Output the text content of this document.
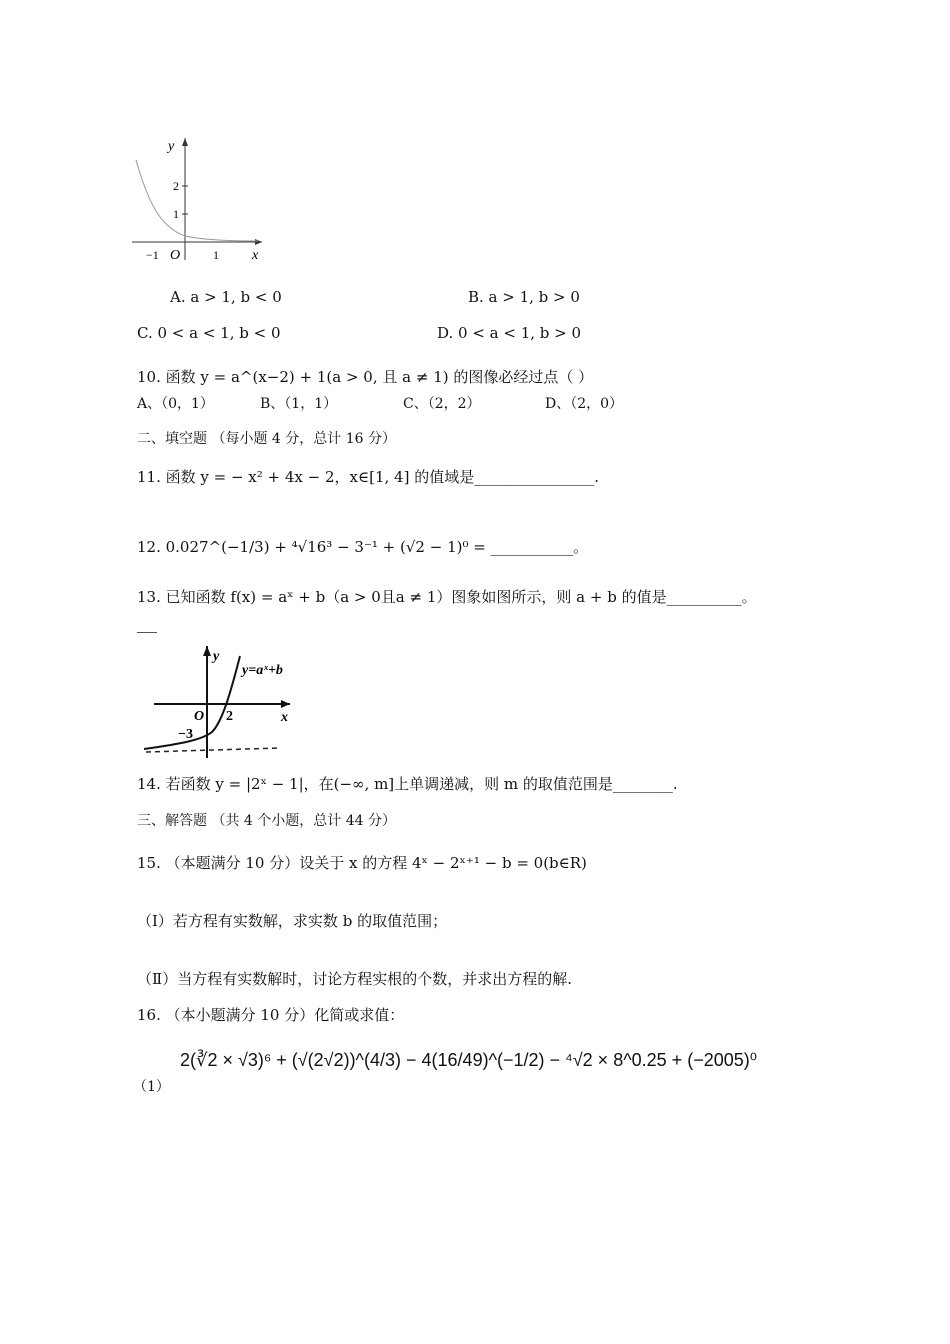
y
x
2
1
−1 O	1
A. a > 1, b < 0	B. a > 1, b > 0
C. 0 < a < 1, b < 0	D. 0 < a < 1, b > 0
10. 函数 y = a^(x−2) + 1(a > 0, 且 a ≠ 1) 的图像必经过点（ ）
A、（0，1）	B、（1，1）	C、（2，2）	D、（2，0）
二、填空题 （每小题 4 分，总计 16 分）
11. 函数 y = − x² + 4x − 2，x∈[1, 4] 的值域是________________.
12. 0.027^(−1/3) + ⁴√16³ − 3⁻¹ + (√2 − 1)⁰ = ___________。
13. 已知函数 f(x) = aˣ + b（a > 0且a ≠ 1）图象如图所示，则 a + b 的值是__________。
y=aˣ+b
y
x
O 2
−3
14. 若函数 y = |2ˣ − 1|，在(−∞, m]上单调递减，则 m 的取值范围是________.
三、解答题 （共 4 个小题，总计 44 分）
15. （本题满分 10 分）设关于 x 的方程 4ˣ − 2ˣ⁺¹ − b = 0(b∈R)
（Ⅰ）若方程有实数解，求实数 b 的取值范围；
（Ⅱ）当方程有实数解时，讨论方程实根的个数，并求出方程的解.
16. （本小题满分 10 分）化简或求值：
（1）
2(∛2 × √3)⁶ + (√(2√2))^(4/3) − 4(16/49)^(−1/2) − ⁴√2 × 8^0.25 + (−2005)⁰
